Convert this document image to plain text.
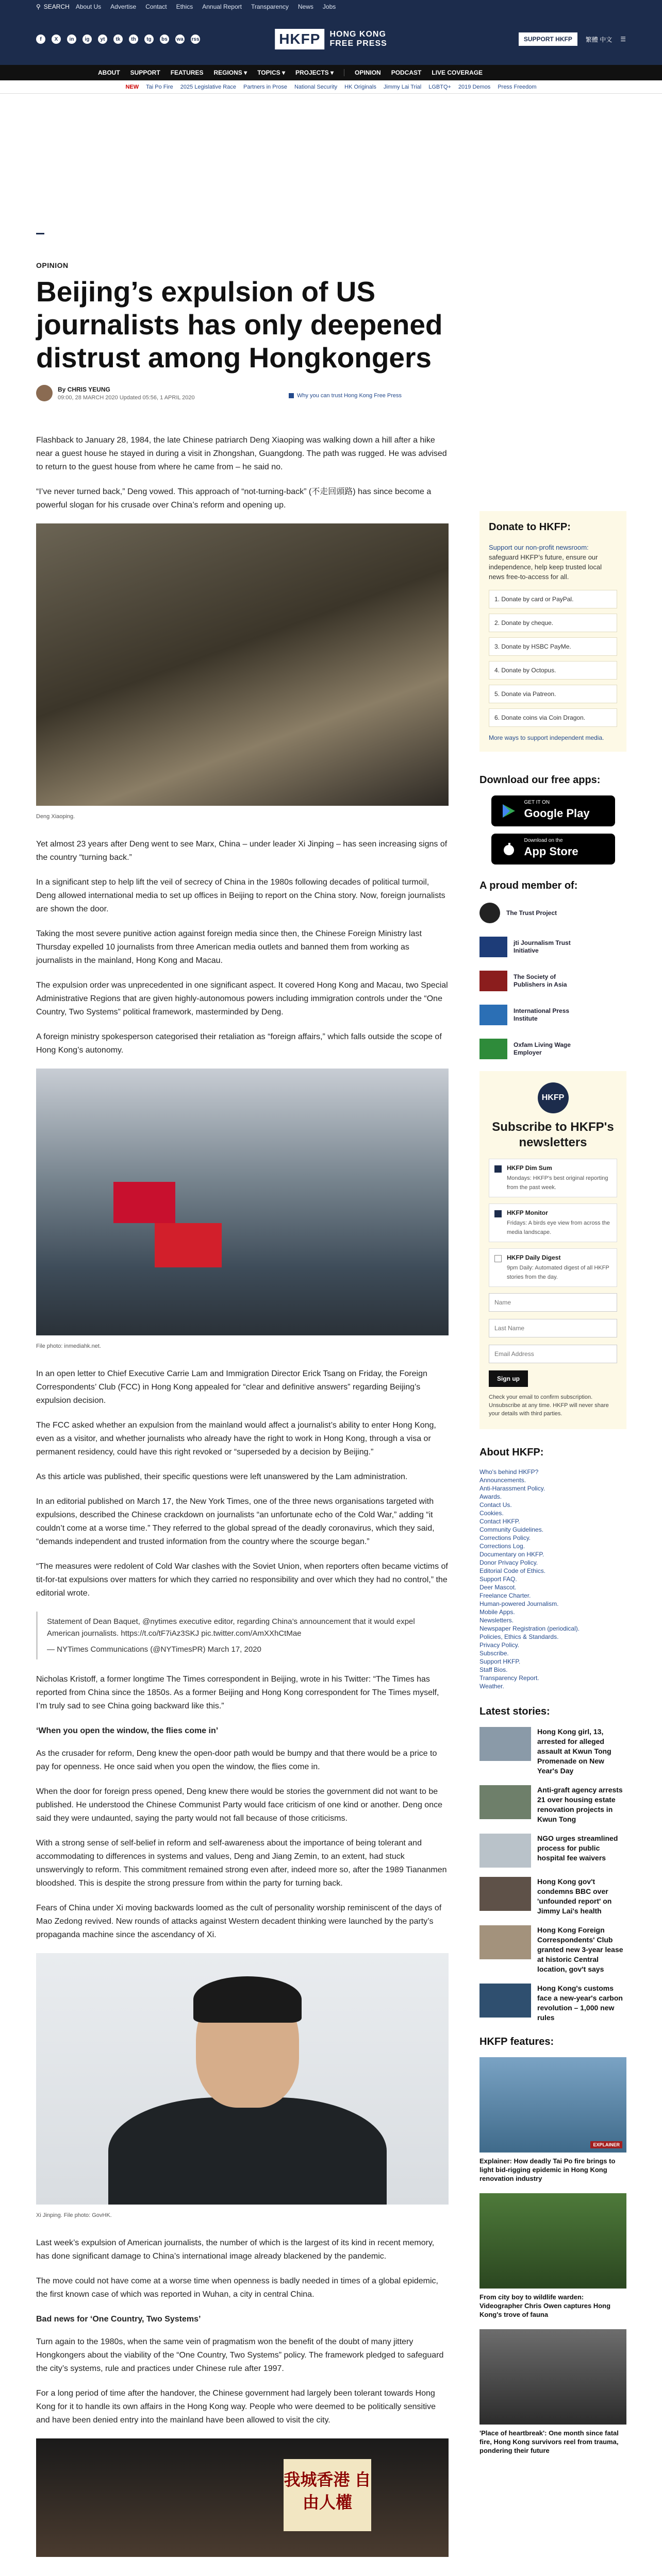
⚲ SEARCH About Us Advertise Contact Ethics Annual Report Transparency News Jobs
f	X	in	ig	yt	tk	th	tg	bs	wa rss	HKFP	HONG KONG
FREE PRESS	SUPPORT HKFP	繁體 中文 ☰
ABOUT SUPPORT FEATURES REGIONS ▾ TOPICS ▾ PROJECTS ▾	OPINION PODCAST LIVE COVERAGE
NEW Tai Po Fire 2025 Legislative Race Partners in Prose National Security HK Originals Jimmy Lai Trial LGBTQ+ 2019 Demos Press Freedom
OPINION
Beijing’s expulsion of US journalists has only deepened distrust among Hongkongers
By CHRIS YEUNG
09:00, 28 MARCH 2020 Updated 05:56, 1 APRIL 2020	Why you can trust Hong Kong Free Press

Flashback to January 28, 1984, the late Chinese patriarch Deng Xiaoping was walking down a hill after a hike near a guest house he stayed in during a visit in Zhongshan, Guangdong. The path was rugged. He was advised to return to the guest house from where he came from – he said no.

“I’ve never turned back,” Deng vowed. This approach of “not-turning-back” (不走回頭路) has since become a powerful slogan for his crusade over China’s reform and opening up.

Deng Xiaoping.

Yet almost 23 years after Deng went to see Marx, China – under leader Xi Jinping – has seen increasing signs of the country “turning back.”

In a significant step to help lift the veil of secrecy of China in the 1980s following decades of political turmoil, Deng allowed international media to set up offices in Beijing to report on the China story. Now, foreign journalists are shown the door.

Taking the most severe punitive action against foreign media since then, the Chinese Foreign Ministry last Thursday expelled 10 journalists from three American media outlets and banned them from working as journalists in the mainland, Hong Kong and Macau.

The expulsion order was unprecedented in one significant aspect. It covered Hong Kong and Macau, two Special Administrative Regions that are given highly-autonomous powers including immigration controls under the “One Country, Two Systems” political framework, masterminded by Deng.

A foreign ministry spokesperson categorised their retaliation as “foreign affairs,” which falls outside the scope of Hong Kong’s autonomy.

File photo: inmediahk.net.

In an open letter to Chief Executive Carrie Lam and Immigration Director Erick Tsang on Friday, the Foreign Correspondents’ Club (FCC) in Hong Kong appealed for “clear and definitive answers” regarding Beijing’s expulsion decision.

The FCC asked whether an expulsion from the mainland would affect a journalist’s ability to enter Hong Kong, even as a visitor, and whether journalists who already have the right to work in Hong Kong, through a visa or permanent residency, could have this right revoked or “superseded by a decision by Beijing.”

As this article was published, their specific questions were left unanswered by the Lam administration.

In an editorial published on March 17, the New York Times, one of the three news organisations targeted with expulsions, described the Chinese crackdown on journalists “an unfortunate echo of the Cold War,” adding “it couldn’t come at a worse time.” They referred to the global spread of the deadly coronavirus, which they said, “demands independent and trusted information from the country where the scourge began.”

“The measures were redolent of Cold War clashes with the Soviet Union, when reporters often became victims of tit-for-tat expulsions over matters for which they carried no responsibility and over which they had no control,” the editorial wrote.

Statement of Dean Baquet, @nytimes executive editor, regarding China’s announcement that it would expel American journalists. https://t.co/tF7iAz3SKJ pic.twitter.com/AmXXhCtMae
— NYTimes Communications (@NYTimesPR) March 17, 2020

Nicholas Kristoff, a former longtime The Times correspondent in Beijing, wrote in his Twitter: “The Times has reported from China since the 1850s. As a former Beijing and Hong Kong correspondent for The Times myself, I’m truly sad to see China going backward like this.”

‘When you open the window, the flies come in’

As the crusader for reform, Deng knew the open-door path would be bumpy and that there would be a price to pay for openness. He once said when you open the window, the flies come in.

When the door for foreign press opened, Deng knew there would be stories the government did not want to be published. He understood the Chinese Communist Party would face criticism of one kind or another. Deng once said they were undaunted, saying the party would not fall because of those criticisms.

With a strong sense of self-belief in reform and self-awareness about the importance of being tolerant and accommodating to differences in systems and values, Deng and Jiang Zemin, to an extent, had stuck unswervingly to reform. This commitment remained strong even after, indeed more so, after the 1989 Tiananmen bloodshed. This is despite the strong pressure from within the party for turning back.

Fears of China under Xi moving backwards loomed as the cult of personality worship reminiscent of the days of Mao Zedong revived. New rounds of attacks against Western decadent thinking were launched by the party’s propaganda machine since the ascendancy of Xi.

Xi Jinping. File photo: GovHK.

Last week’s expulsion of American journalists, the number of which is the largest of its kind in recent memory, has done significant damage to China’s international image already blackened by the pandemic.

The move could not have come at a worse time when openness is badly needed in times of a global epidemic, the first known case of which was reported in Wuhan, a city in central China.

Bad news for ‘One Country, Two Systems’

Turn again to the 1980s, when the same vein of pragmatism won the benefit of the doubt of many jittery Hongkongers about the viability of the “One Country, Two Systems” policy. The framework pledged to safeguard the city’s systems, rule and practices under Chinese rule after 1997.

For a long period of time after the handover, the Chinese government had largely been tolerant towards Hong Kong for it to handle its own affairs in the Hong Kong way. People who were deemed to be politically sensitive and have been denied entry into the mainland have been allowed to visit the city.

我城香港 自由人權
Donate to HKFP:
Support our non-profit newsroom: safeguard HKFP’s future, ensure our independence, help keep trusted local news free-to-access for all.
1. Donate by card or PayPal.
2. Donate by cheque.
3. Donate by HSBC PayMe.
4. Donate by Octopus.
5. Donate via Patreon.
6. Donate coins via Coin Dragon.
More ways to support independent media.
Download our free apps:
GET IT ON
Google Play
Download on the
App Store
A proud member of:
The Trust Project
jti Journalism Trust Initiative
The Society of Publishers in Asia
International Press Institute
Oxfam Living Wage Employer
HKFP
Subscribe to HKFP's newsletters
HKFP Dim Sum
Mondays: HKFP's best original reporting from the past week.
HKFP Monitor
Fridays: A birds eye view from across the media landscape.
HKFP Daily Digest
9pm Daily: Automated digest of all HKFP stories from the day.
Name Last Name Email Address Sign up
Check your email to confirm subscription. Unsubscribe at any time. HKFP will never share your details with third parties.
About HKFP:
Who's behind HKFP?
Announcements.
Anti-Harassment Policy.
Awards.
Contact Us.
Cookies.
Contact HKFP.
Community Guidelines.
Corrections Policy.
Corrections Log.
Documentary on HKFP.
Donor Privacy Policy.
Editorial Code of Ethics.
Support FAQ.
Deer Mascot.
Freelance Charter.
Human-powered Journalism.
Mobile Apps.
Newsletters.
Newspaper Registration (periodical).
Policies, Ethics & Standards.
Privacy Policy.
Subscribe.
Support HKFP.
Staff Bios.
Transparency Report.
Weather.
Latest stories:
Hong Kong girl, 13, arrested for alleged assault at Kwun Tong Promenade on New Year's Day
Anti-graft agency arrests 21 over housing estate renovation projects in Kwun Tong
NGO urges streamlined process for public hospital fee waivers
Hong Kong gov't condemns BBC over 'unfounded report' on Jimmy Lai's health
Hong Kong Foreign Correspondents' Club granted new 3-year lease at historic Central location, gov't says
Hong Kong's customs face a new-year's carbon revolution – 1,000 new rules
HKFP features:
EXPLAINER
Explainer: How deadly Tai Po fire brings to light bid-rigging epidemic in Hong Kong renovation industry
From city boy to wildlife warden: Videographer Chris Owen captures Hong Kong's trove of fauna
'Place of heartbreak': One month since fatal fire, Hong Kong survivors reel from trauma, pondering their future
